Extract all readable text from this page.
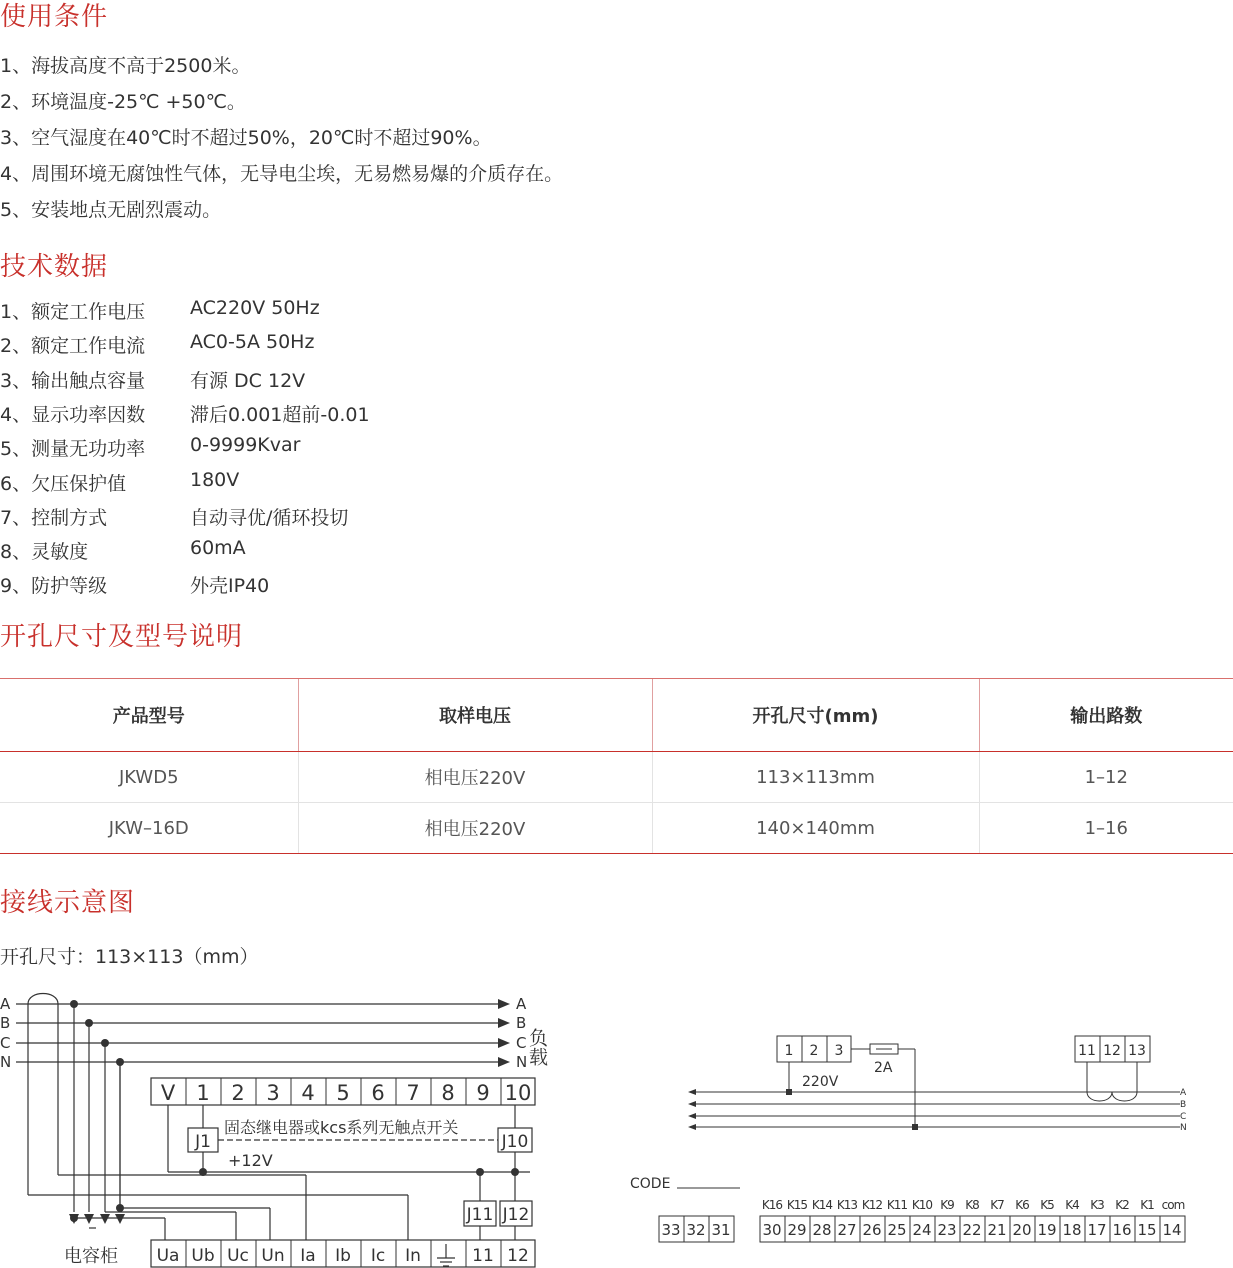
使用条件
1、海拔高度不高于2500米。
2、环境温度-25℃ +50℃。
3、空气湿度在40℃时不超过50%，20℃时不超过90%。
4、周围环境无腐蚀性气体，无导电尘埃，无易燃易爆的介质存在。
5、安装地点无剧烈震动。
技术数据
1、额定工作电压 AC220V 50Hz
2、额定工作电流 AC0-5A 50Hz
3、输出触点容量 有源 DC 12V
4、显示功率因数 滞后0.001超前-0.01
5、测量无功功率 0-9999Kvar
6、欠压保护值	180V
7、控制方式	自动寻优/循环投切
8、灵敏度	60mA
9、防护等级	外壳IP40
开孔尺寸及型号说明
产品型号	取样电压	开孔尺寸(mm)	输出路数
JKWD5	相电压220V	113×113mm	1–12
JKW–16D	相电压220V	140×140mm	1–16
接线示意图
开孔尺寸：113×113（mm）
A
B
C
N
A
B
C
N
负载
V 1 2 3 4 5 6 7 8 9 10
固态继电器或kcs系列无触点开关
J1	J10
J11 J12
+12V
Ua Ub Uc Un Ia Ib Ic In	11 12
电容柜
1 2 3	11 12 13
220V
2A
A
B
C
N
CODE
K16 K15 K14 K13 K12 K11 K10 K9 K8 K7 K6 K5 K4 K3 K2 K1 com
33 32 31 30 29 28 27 26 25 24 23 22 21 20 19 18 17 16 15 14
